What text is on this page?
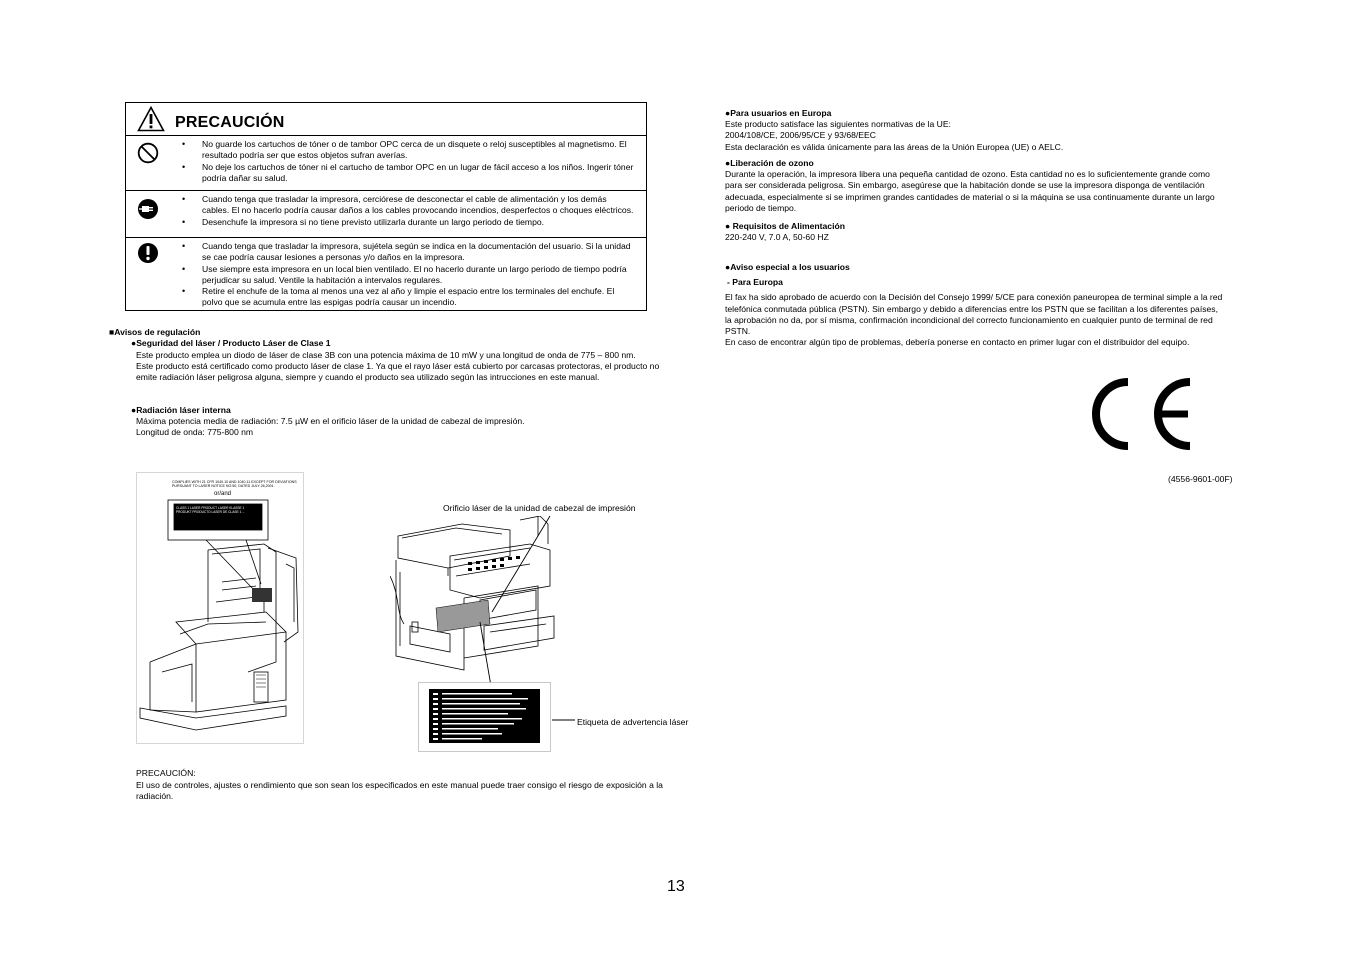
PRECAUCIÓN
• No guarde los cartuchos de tóner o de tambor OPC cerca de un disquete o reloj susceptibles al magnetismo. El resultado podría ser que estos objetos sufran averías.
• No deje los cartuchos de tóner ni el cartucho de tambor OPC en un lugar de fácil acceso a los niños. Ingerir tóner podría dañar su salud.
• Cuando tenga que trasladar la impresora, cerciórese de desconectar el cable de alimentación y los demás cables. El no hacerlo podría causar daños a los cables provocando incendios, desperfectos o choques eléctricos.
• Desenchufe la impresora si no tiene previsto utilizarla durante un largo periodo de tiempo.
• Cuando tenga que trasladar la impresora, sujétela según se indica en la documentación del usuario. Si la unidad se cae podría causar lesiones a personas y/o daños en la impresora.
• Use siempre esta impresora en un local bien ventilado. El no hacerlo durante un largo periodo de tiempo podría perjudicar su salud. Ventile la habitación a intervalos regulares.
• Retire el enchufe de la toma al menos una vez al año y limpie el espacio entre los terminales del enchufe. El polvo que se acumula entre las espigas podría causar un incendio.
■Avisos de regulación
●Seguridad del láser / Producto Láser de Clase 1

Este producto emplea un diodo de láser de clase 3B con una potencia máxima de 10 mW y una longitud de onda de 775 – 800 nm.

Este producto está certificado como producto láser de clase 1. Ya que el rayo láser está cubierto por carcasas protectoras, el producto no emite radiación láser peligrosa alguna, siempre y cuando el producto sea utilizado según las intrucciones en este manual.

●Radiación láser interna

Máxima potencia media de radiación: 7.5 µW en el orificio láser de la unidad de cabezal de impresión.

Longitud de onda: 775-800 nm

COMPLIES WITH 21 CFR 1040.10 AND 1040.11 EXCEPT FOR DEVIATIONS PURSUANT TO LASER NOTICE NO.50, DATED JULY 26,2001.
or/and
CLASS 1 LASER PRODUCT LASER KLASSE 1 PRODUKT PRODUCTO LASER DE CLASE 1 ...	Orificio láser de la unidad de cabezal de impresión
Etiqueta de advertencia láser

PRECAUCIÓN:

El uso de controles, ajustes o rendimiento que son sean los especificados en este manual puede traer consigo el riesgo de exposición a la radiación.

●Para usuarios en Europa

Este producto satisface las siguientes normativas de la UE:

2004/108/CE, 2006/95/CE y 93/68/EEC

Esta declaración es válida únicamente para las áreas de la Unión Europea (UE) o AELC.

●Liberación de ozono

Durante la operación, la impresora libera una pequeña cantidad de ozono. Esta cantidad no es lo suficientemente grande como para ser considerada peligrosa. Sin embargo, asegúrese que la habitación donde se use la impresora disponga de ventilación adecuada, especialmente si se imprimen grandes cantidades de material o si la máquina se usa continuamente durante un largo periodo de tiempo.

● Requisitos de Alimentación

220-240 V, 7.0 A, 50-60 HZ

●Aviso especial a los usuarios

- Para Europa

El fax ha sido aprobado de acuerdo con la Decisión del Consejo 1999/ 5/CE para conexión paneuropea de terminal simple a la red telefónica conmutada pública (PSTN). Sin embargo y debido a diferencias entre los PSTN que se facilitan a los diferentes países, la aprobación no da, por sí misma, confirmación incondicional del correcto funcionamiento en cualquier punto de terminal de red PSTN.

En caso de encontrar algún tipo de problemas, debería ponerse en contacto en primer lugar con el distribuidor del equipo.

(4556-9601-00F)
13
